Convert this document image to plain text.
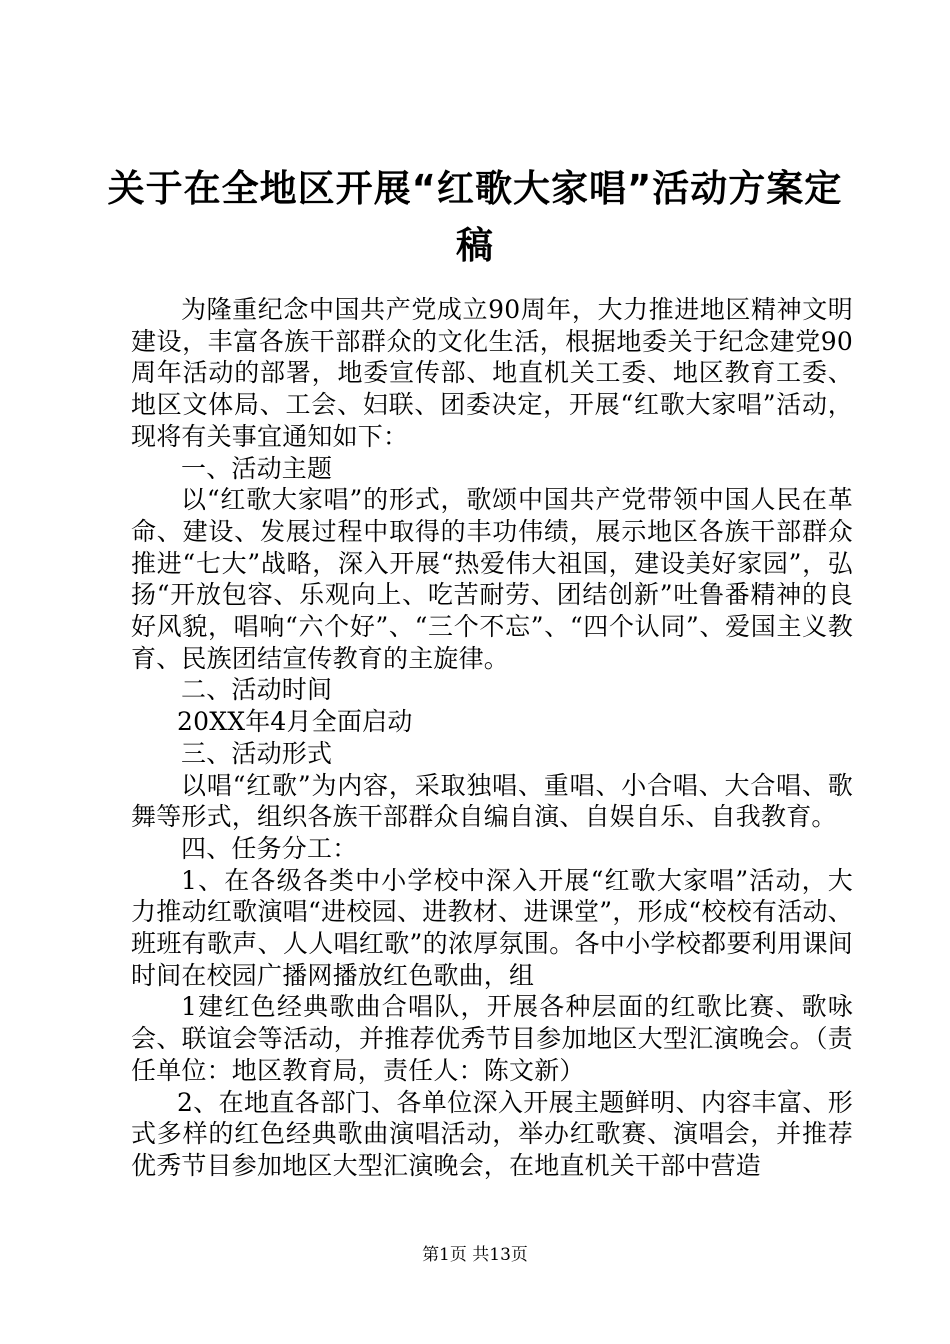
关于在全地区开展“红歌大家唱”活动方案定
稿

为隆重纪念中国共产党成立90周年，大力推进地区精神文明建设，丰富各族干部群众的文化生活，根据地委关于纪念建党90周年活动的部署，地委宣传部、地直机关工委、地区教育工委、地区文体局、工会、妇联、团委决定，开展“红歌大家唱”活动，现将有关事宜通知如下：

一、活动主题

以“红歌大家唱”的形式，歌颂中国共产党带领中国人民在革命、建设、发展过程中取得的丰功伟绩，展示地区各族干部群众推进“七大”战略，深入开展“热爱伟大祖国，建设美好家园”，弘扬“开放包容、乐观向上、吃苦耐劳、团结创新”吐鲁番精神的良好风貌，唱响“六个好”、“三个不忘”、“四个认同”、爱国主义教育、民族团结宣传教育的主旋律。

二、活动时间

20XX年4月全面启动

三、活动形式

以唱“红歌”为内容，采取独唱、重唱、小合唱、大合唱、歌舞等形式，组织各族干部群众自编自演、自娱自乐、自我教育。

四、任务分工：

1、在各级各类中小学校中深入开展“红歌大家唱”活动，大力推动红歌演唱“进校园、进教材、进课堂”，形成“校校有活动、班班有歌声、人人唱红歌”的浓厚氛围。各中小学校都要利用课间时间在校园广播网播放红色歌曲，组

1建红色经典歌曲合唱队，开展各种层面的红歌比赛、歌咏会、联谊会等活动，并推荐优秀节目参加地区大型汇演晚会。（责任单位：地区教育局，责任人：陈文新）

2、在地直各部门、各单位深入开展主题鲜明、内容丰富、形式多样的红色经典歌曲演唱活动，举办红歌赛、演唱会，并推荐优秀节目参加地区大型汇演晚会，在地直机关干部中营造

第1页 共13页
